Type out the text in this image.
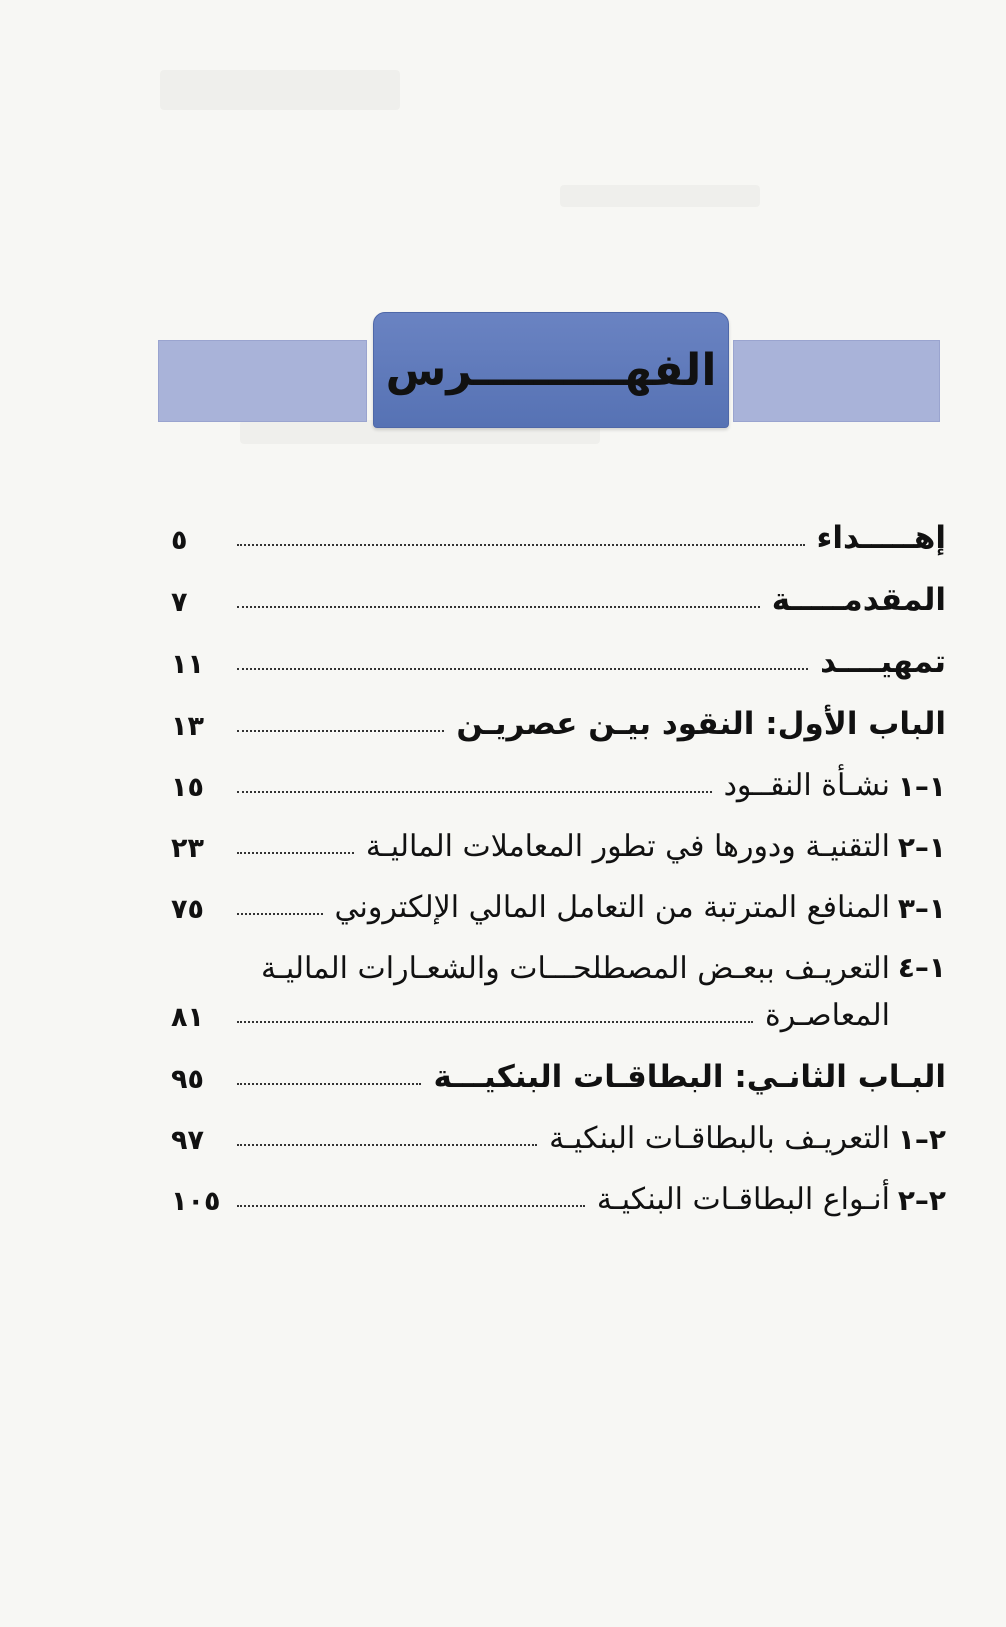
الفهــــــــــرس
إهـــــداء
٥
المقدمـــــة
٧
تمهيــــد
١١
الباب الأول: النقود بيـن عصريـن
١٣
١–١
نشـأة النقــود
١٥
١–٢
التقنيـة ودورها في تطور المعاملات الماليـة
٢٣
١–٣
المنافع المترتبة من التعامل المالي الإلكتروني
٧٥
١–٤
التعريـف ببعـض المصطلحـــات والشعـارات الماليـة
المعاصـرة
٨١
البـاب الثانـي: البطاقـات البنكيـــة
٩٥
٢–١
التعريـف بالبطاقـات البنكيـة
٩٧
٢–٢
أنـواع البطاقـات البنكيـة
١٠٥
